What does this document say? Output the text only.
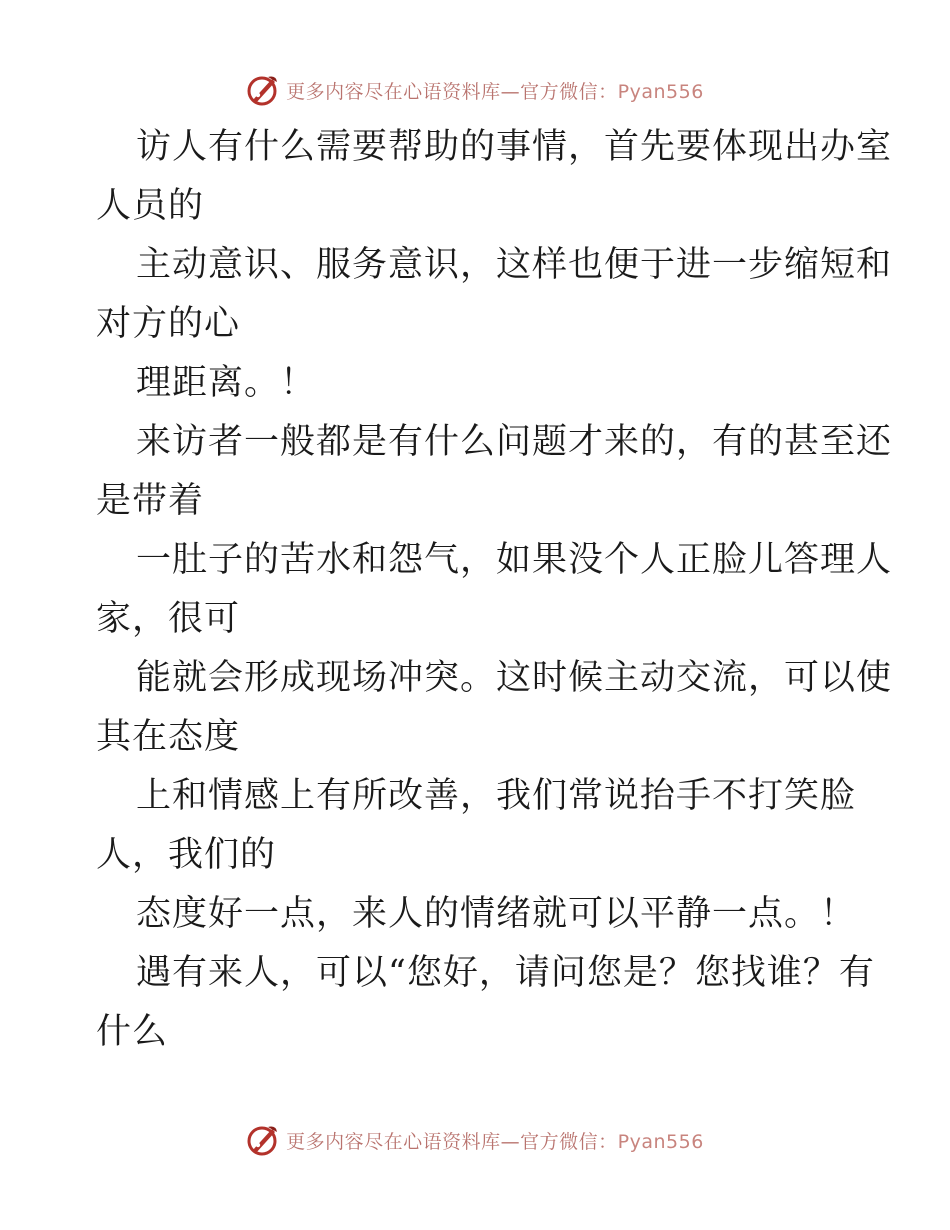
更多内容尽在心语资料库—官方微信：Pyan556
访人有什么需要帮助的事情，首先要体现出办室
人员的
主动意识、服务意识，这样也便于进一步缩短和
对方的心
理距离。！
来访者一般都是有什么问题才来的，有的甚至还
是带着
一肚子的苦水和怨气，如果没个人正脸儿答理人
家，很可
能就会形成现场冲突。这时候主动交流，可以使
其在态度
上和情感上有所改善，我们常说抬手不打笑脸
人，我们的
态度好一点，来人的情绪就可以平静一点。！
遇有来人，可以“您好，请问您是？您找谁？有
什么
更多内容尽在心语资料库—官方微信：Pyan556
